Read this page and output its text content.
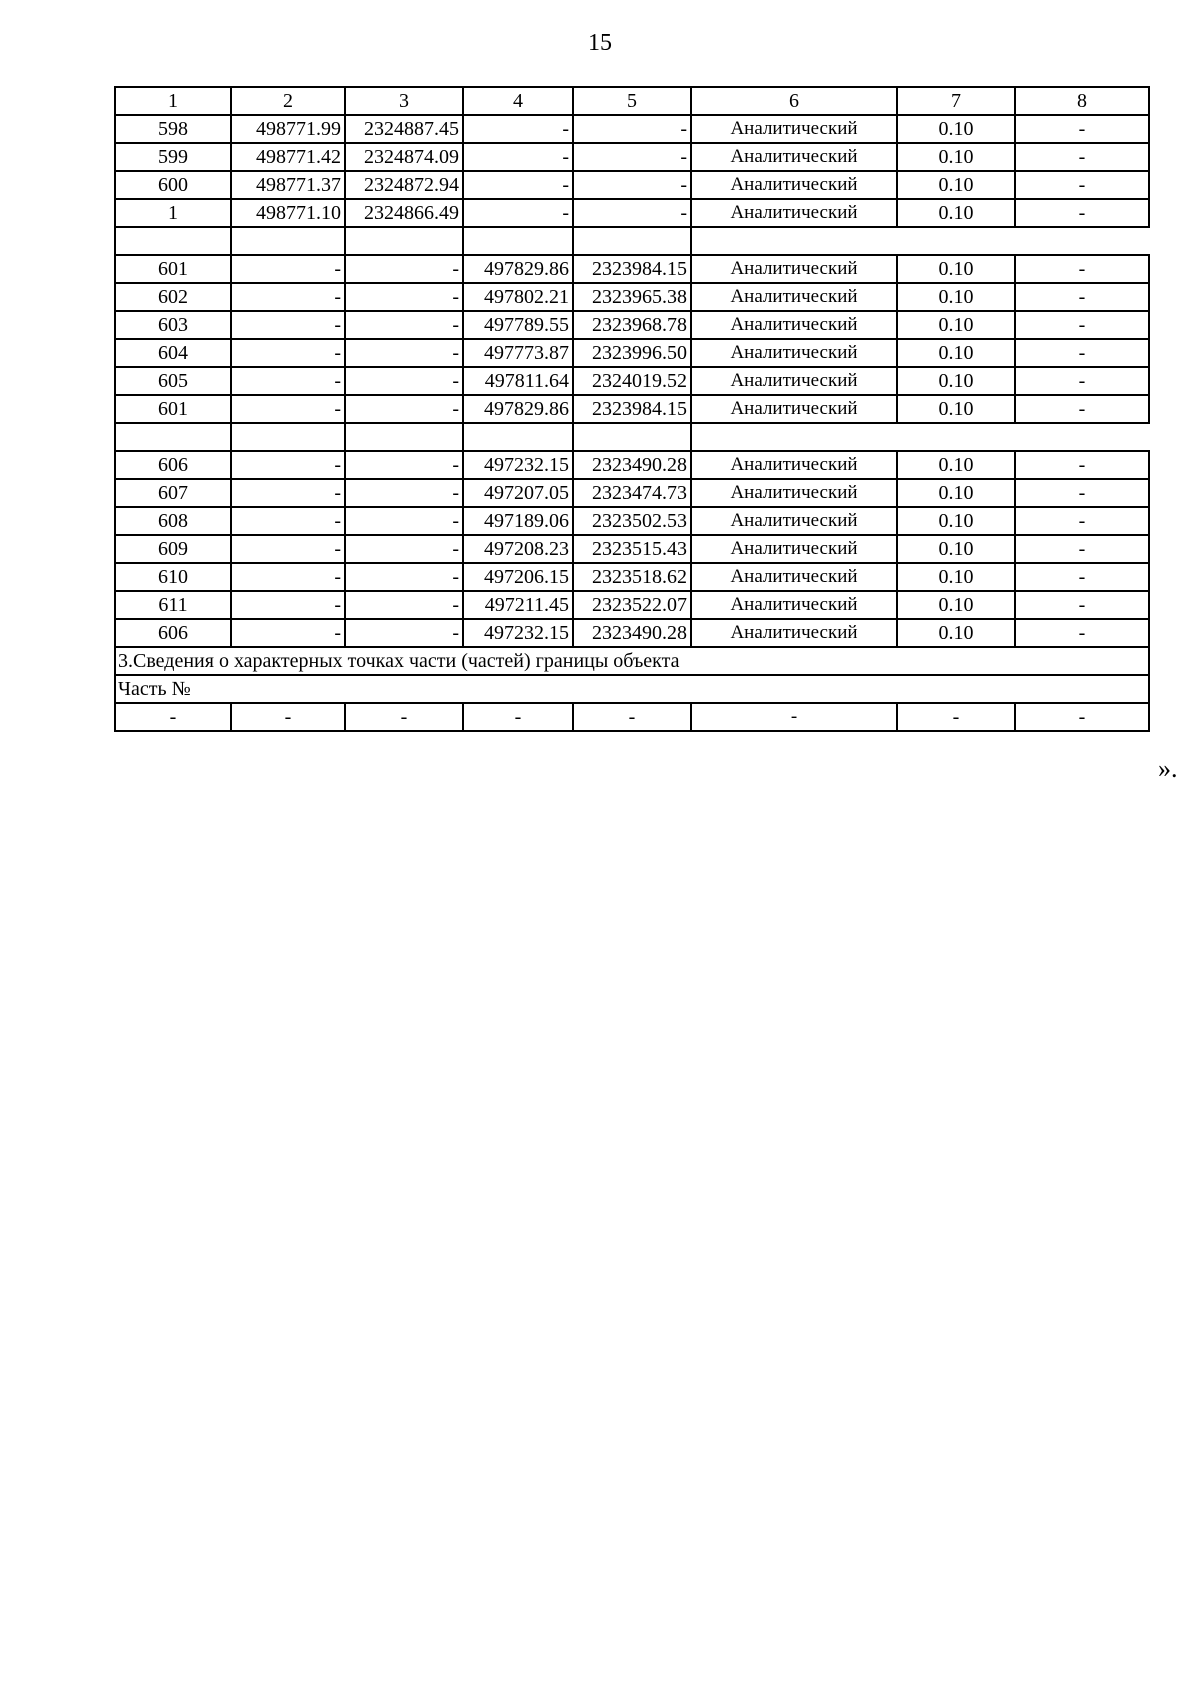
15
1	2	3	4	5	6	7	8
598	498771.99	2324887.45	-	-	Аналитический	0.10	-
599	498771.42	2324874.09	-	-	Аналитический	0.10	-
600	498771.37	2324872.94	-	-	Аналитический	0.10	-
1	498771.10	2324866.49	-	-	Аналитический	0.10	-

601	-	-	497829.86	2323984.15	Аналитический	0.10	-
602	-	-	497802.21	2323965.38	Аналитический	0.10	-
603	-	-	497789.55	2323968.78	Аналитический	0.10	-
604	-	-	497773.87	2323996.50	Аналитический	0.10	-
605	-	-	497811.64	2324019.52	Аналитический	0.10	-
601	-	-	497829.86	2323984.15	Аналитический	0.10	-

606	-	-	497232.15	2323490.28	Аналитический	0.10	-
607	-	-	497207.05	2323474.73	Аналитический	0.10	-
608	-	-	497189.06	2323502.53	Аналитический	0.10	-
609	-	-	497208.23	2323515.43	Аналитический	0.10	-
610	-	-	497206.15	2323518.62	Аналитический	0.10	-
611	-	-	497211.45	2323522.07	Аналитический	0.10	-
606	-	-	497232.15	2323490.28	Аналитический	0.10	-
3.Сведения о характерных точках части (частей) границы объекта							
Часть №							
-	-	-	-	-	-	-	-
».
